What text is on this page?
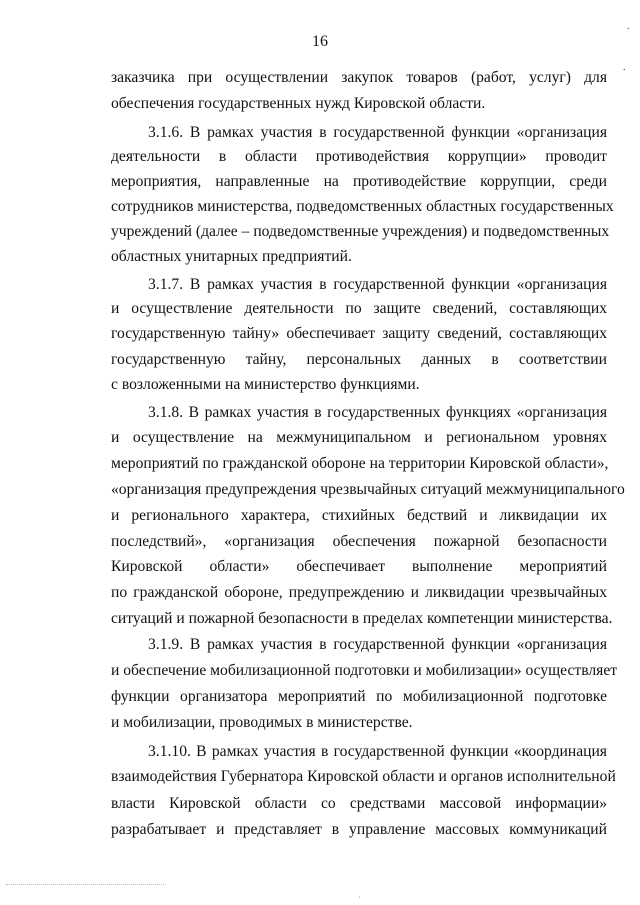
16
˙
·
заказчика при осуществлении закупок товаров (работ, услуг) для
обеспечения государственных нужд Кировской области.
3.1.6. В рамках участия в государственной функции «организация
деятельности в области противодействия коррупции» проводит
мероприятия, направленные на противодействие коррупции, среди
сотрудников министерства, подведомственных областных государственных
учреждений (далее – подведомственные учреждения) и подведомственных
областных унитарных предприятий.
3.1.7. В рамках участия в государственной функции «организация
и осуществление деятельности по защите сведений, составляющих
государственную тайну» обеспечивает защиту сведений, составляющих
государственную тайну, персональных данных в соответствии
с возложенными на министерство функциями.
3.1.8. В рамках участия в государственных функциях «организация
и осуществление на межмуниципальном и региональном уровнях
мероприятий по гражданской обороне на территории Кировской области»,
«организация предупреждения чрезвычайных ситуаций межмуниципального
и регионального характера, стихийных бедствий и ликвидации их
последствий», «организация обеспечения пожарной безопасности
Кировской области» обеспечивает выполнение мероприятий
по гражданской обороне, предупреждению и ликвидации чрезвычайных
ситуаций и пожарной безопасности в пределах компетенции министерства.
3.1.9. В рамках участия в государственной функции «организация
и обеспечение мобилизационной подготовки и мобилизации» осуществляет
функции организатора мероприятий по мобилизационной подготовке
и мобилизации, проводимых в министерстве.
3.1.10. В рамках участия в государственной функции «координация
взаимодействия Губернатора Кировской области и органов исполнительной
власти Кировской области со средствами массовой информации»
разрабатывает и представляет в управление массовых коммуникаций
·
